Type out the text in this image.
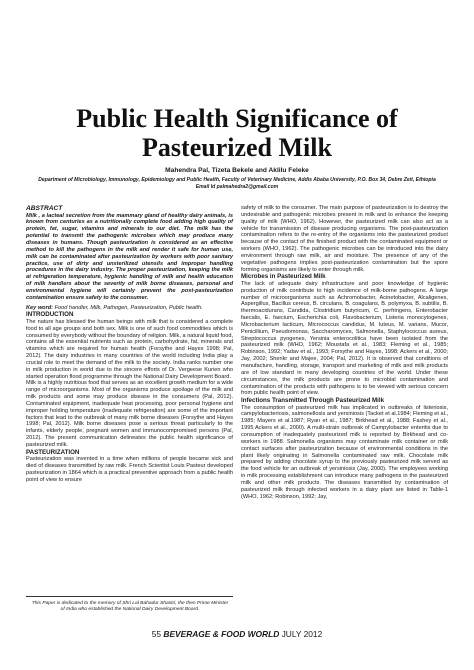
Public Health Significance of
Pasteurized Milk
Mahendra Pal, Tizeta Bekele and Aklilu Feleke
Department of Microbiology, Immunology, Epidemiology and Public Health, Faculty of Veterinary Medicine, Addis Ababa University, P.O. Box 34, Debre Zeit, Ethiopia
Email Id palmahedra2@gmail.com

ABSTRACT

Milk , a lacteal secretion from the mammary gland of healthy dairy animals, is known from centuries as a nutritionally complete food adding high quality of protein, fat, sugar, vitamins and minerals to our diet. The milk has the potential to transmit the pathogenic microbes which may produce many diseases in humans. Though pasteurization is considered as an effective method to kill the pathogens in the milk and render it safe for human use, milk can be contaminated after pasteurization by workers with poor sanitary practice, use of dirty and unsterilized utensils and improper handling procedures in the dairy industry. The proper pasteurization, keeping the milk at refrigeration temperature, hygienic handling of milk and health education of milk handlers about the severity of milk borne diseases, personal and environmental hygiene will certainly prevent the post-pasteurization contamination ensure safety to the consumer.

Key word: Food handler, Milk, Pathogen, Pasteurization, Public health.

INTRODUCTION

The nature has blessed the human beings with milk that is considered a complete food to all age groups and both sex. Milk is one of such food commodities which is consumed by everybody without the boundary of religion. Milk, a natural liquid food, contains all the essential nutrients such as protein, carbohydrate, fat, minerals and vitamins which are required for human health (Forsythe and Hayes 1998; Pal, 2012). The dairy industries in many countries of the world including India play a crucial role to meet the demand of the milk to the society. India ranks number one in milk production in world due to the sincere efforts of Dr. Vergeese Kurien who started operation flood programme through the National Dairy Development Board.

Milk is a highly nutritious food that serves as an excellent growth medium for a wide range of microorganisms. Most of the organisms produce spoilage of the milk and milk products and some may produce disease in the consumers (Pal, 2012). Contaminated equipment, inadequate heat processing, poor personal hygiene and improper holding temperature (inadequate refrigeration) are some of the important factors that lead to the outbreak of many milk borne diseases (Forsythe and Hayes 1998; Pal, 2012). Milk borne diseases pose a serious threat particularly to the infants, elderly people, pregnant women and immunocompromised persons (Pal, 2012). The present communication delineates the public health significance of pasteurized milk.

PASTEURIZATION

Pasteurization was invented in a time when millions of people became sick and died of diseases transmitted by raw milk. French Scientist Louis Pasteur developed pasteurization in 1864 which is a practical preventive approach from a public health point of view to ensure

This Paper is dedicated to the memory of Shri Lal Bahadur Shastri, the then Prime Minister of India who established the National Dairy Development Board.

safety of milk to the consumer. The main purpose of pasteurization is to destroy the undesirable and pathogenic microbes present in milk and to enhance the keeping quality of milk (WHO, 1962). However, the pasteurized milk can also act as a vehicle for transmission of disease producing organisms. The post-pasteurization contamination refers to the re-entry of the organisms into the pasteurized product because of the contact of the finished product with the contaminated equipment or workers (WHO, 1962). The pathogenic microbes can be introduced into the dairy environment through raw milk, air and moisture. The presence of any of the vegetative pathogens implies post-pasteurization contamination but the spore forming organisms are likely to enter through milk.

Microbes in Pasteurized Milk

The lack of adequate dairy infrastructure and poor knowledge of hygienic production of milk contribute to high incidence of milk-borne pathogens. A large number of microorganisms such as Achromobacter, Acinetobacter, Alcaligenes, Aspergillus, Bacillus cereus, B. circulans, B. coagulans, B. polymyxa, B. subtilis, B. thermoacidurans, Candida, Clostridium butyricum, C. perfringens, Enterobacter faecalis, E. faecium, Escherichia coli, Flavobacterium, Listeria monocytogenes, Microbacterium lacticum, Micrococcus candidus, M. luteus, M. varians, Mucor, Penicillium, Pseudomonas, Saccharomyces, Salmonella, Staphylococcus aureus, Streptococcus pyogenes, Yersinia enterocolitica have been isolated from the pasteurized milk (WHO, 1962; Moustafa et al., 1983; Fleming et al., 1985; Robinson, 1992; Yadav et al., 1993; Forsythe and Hayes, 1998; Ackers et al., 2000; Jay, 2002; Sherikr and Majee, 2004; Pal, 2012). It is observed that conditions of manufacture, handling, storage, transport and marketing of milk and milk products are of low standard in many developing countries of the world. Under these circumstances, the milk products are prone to microbial contamination and contamination of the products with pathogens is to be viewed with serious concern from public health point of view.

Infections Transmitted Through Pasteurized Milk

The consumption of pasteurized milk has implicated in outbreaks of listeriosis, campylobacteriosis, salmonellosis and yersiniosis (Tacket et al.1984; Fleming et al., 1985; Mayers et al.1987; Ryan et al., 1987; Birkhead et al., 1988; Fashey et al., 1995 Ackers et al., 2000). A multi-strain outbreak of Campylobacter enteritis due to consumption of inadequately pasteurized milk is reported by Birkhead and co-workers in 1988. Salmonella organisms may contaminate milk container or milk contact surfaces after pasteurization because of environmental conditions in the plant likely originating in Salmonella contaminated raw milk. Chocolate milk prepared by adding chocolate syrup to the previously pasteurized milk served as the food vehicle for an outbreak of yersiniosis (Jay, 2000). The employees working in milk processing establishment can introduce many pathogens in the pasteurized milk and other milk products. The diseases transmitted by contamination of pasteurized milk through infected workers in a dairy plant are listed in Table-1 (WHO, 1962; Robinson, 1992; Jay,

55 BEVERAGE & FOOD WORLD JULY 2012
